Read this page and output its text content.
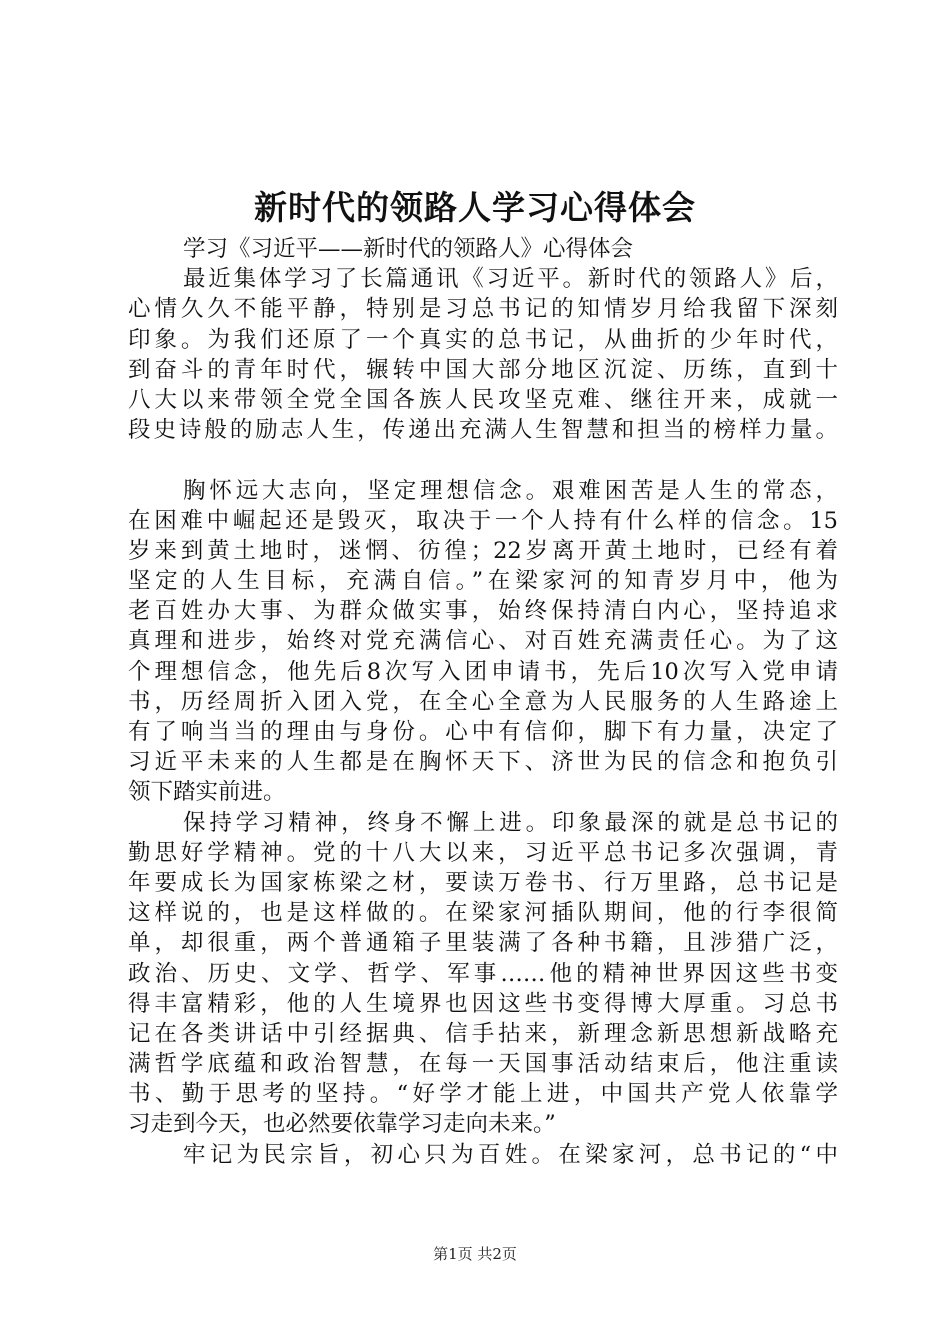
新时代的领路人学习心得体会
学习《习近平——新时代的领路人》心得体会
最近集体学习了长篇通讯《习近平。新时代的领路人》后，
心情久久不能平静，特别是习总书记的知情岁月给我留下深刻
印象。为我们还原了一个真实的总书记，从曲折的少年时代，
到奋斗的青年时代，辗转中国大部分地区沉淀、历练，直到十
八大以来带领全党全国各族人民攻坚克难、继往开来，成就一
段史诗般的励志人生，传递出充满人生智慧和担当的榜样力量。
胸怀远大志向，坚定理想信念。艰难困苦是人生的常态，
在困难中崛起还是毁灭，取决于一个人持有什么样的信念。15
岁来到黄土地时，迷惘、彷徨；22岁离开黄土地时，已经有着
坚定的人生目标，充满自信。”在梁家河的知青岁月中，他为
老百姓办大事、为群众做实事，始终保持清白内心，坚持追求
真理和进步，始终对党充满信心、对百姓充满责任心。为了这
个理想信念，他先后8次写入团申请书，先后10次写入党申请
书，历经周折入团入党，在全心全意为人民服务的人生路途上
有了响当当的理由与身份。心中有信仰，脚下有力量，决定了
习近平未来的人生都是在胸怀天下、济世为民的信念和抱负引
领下踏实前进。
保持学习精神，终身不懈上进。印象最深的就是总书记的
勤思好学精神。党的十八大以来，习近平总书记多次强调，青
年要成长为国家栋梁之材，要读万卷书、行万里路，总书记是
这样说的，也是这样做的。在梁家河插队期间，他的行李很简
单，却很重，两个普通箱子里装满了各种书籍，且涉猎广泛，
政治、历史、文学、哲学、军事……他的精神世界因这些书变
得丰富精彩，他的人生境界也因这些书变得博大厚重。习总书
记在各类讲话中引经据典、信手拈来，新理念新思想新战略充
满哲学底蕴和政治智慧，在每一天国事活动结束后，他注重读
书、勤于思考的坚持。“好学才能上进，中国共产党人依靠学
习走到今天，也必然要依靠学习走向未来。”
牢记为民宗旨，初心只为百姓。在梁家河，总书记的“中
第1页 共2页
